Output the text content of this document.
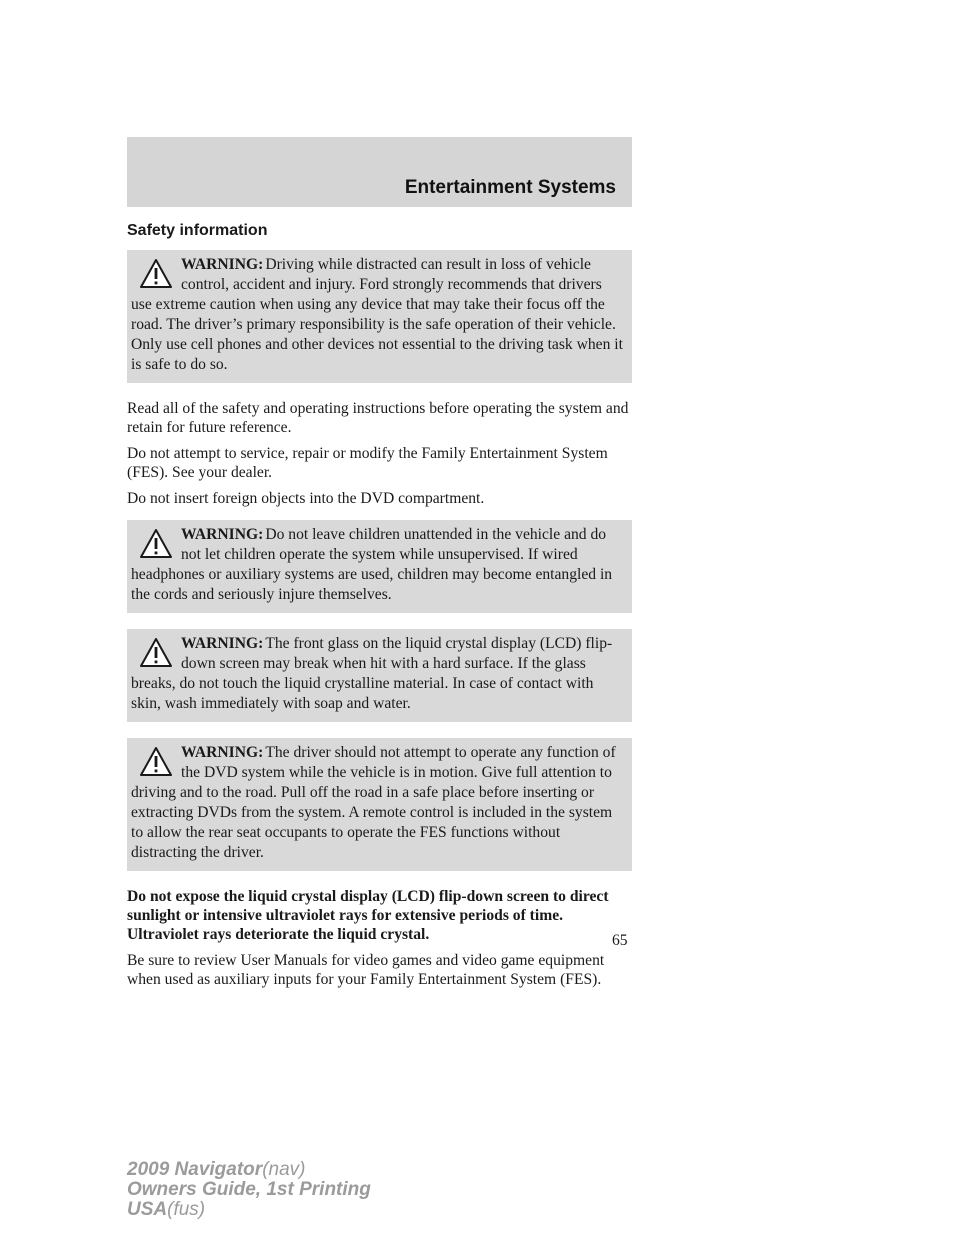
Entertainment Systems
Safety information
WARNING: Driving while distracted can result in loss of vehicle control, accident and injury. Ford strongly recommends that drivers use extreme caution when using any device that may take their focus off the road. The driver’s primary responsibility is the safe operation of their vehicle. Only use cell phones and other devices not essential to the driving task when it is safe to do so.

Read all of the safety and operating instructions before operating the system and retain for future reference.

Do not attempt to service, repair or modify the Family Entertainment System (FES). See your dealer.

Do not insert foreign objects into the DVD compartment.

WARNING: Do not leave children unattended in the vehicle and do not let children operate the system while unsupervised. If wired headphones or auxiliary systems are used, children may become entangled in the cords and seriously injure themselves.
WARNING: The front glass on the liquid crystal display (LCD) flip-down screen may break when hit with a hard surface. If the glass breaks, do not touch the liquid crystalline material. In case of contact with skin, wash immediately with soap and water.
WARNING: The driver should not attempt to operate any function of the DVD system while the vehicle is in motion. Give full attention to driving and to the road. Pull off the road in a safe place before inserting or extracting DVDs from the system. A remote control is included in the system to allow the rear seat occupants to operate the FES functions without distracting the driver.

Do not expose the liquid crystal display (LCD) flip-down screen to direct sunlight or intensive ultraviolet rays for extensive periods of time. Ultraviolet rays deteriorate the liquid crystal.

Be sure to review User Manuals for video games and video game equipment when used as auxiliary inputs for your Family Entertainment System (FES).

65
2009 Navigator(nav)
Owners Guide, 1st Printing
USA(fus)
